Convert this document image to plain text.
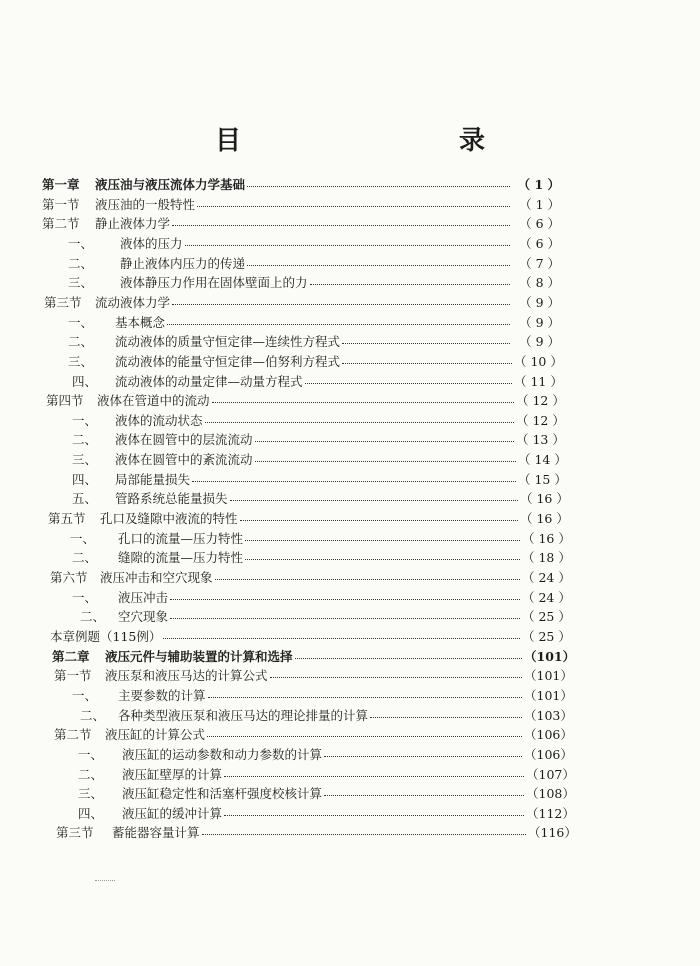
目　录
第一章	液压油与液压流体力学基础	（ 1 ）
第一节	液压油的一般特性	（ 1 ）
第二节	静止液体力学	（ 6 ）
一、	液体的压力	（ 6 ）
二、	静止液体内压力的传递	（ 7 ）
三、	液体静压力作用在固体壁面上的力	（ 8 ）
第三节	流动液体力学	（ 9 ）
一、	基本概念	（ 9 ）
二、	流动液体的质量守恒定律—连续性方程式	（ 9 ）
三、	流动液体的能量守恒定律—伯努利方程式	（ 10 ）
四、	流动液体的动量定律—动量方程式	（ 11 ）
第四节	液体在管道中的流动	（ 12 ）
一、	液体的流动状态	（ 12 ）
二、	液体在圆管中的层流流动	（ 13 ）
三、	液体在圆管中的紊流流动	（ 14 ）
四、	局部能量损失	（ 15 ）
五、	管路系统总能量损失	（ 16 ）
第五节	孔口及缝隙中液流的特性	（ 16 ）
一、	孔口的流量—压力特性	（ 16 ）
二、	缝隙的流量—压力特性	（ 18 ）
第六节 液压冲击和空穴现象	（ 24 ）
一、	液压冲击	（ 24 ）
二、	空穴现象	（ 25 ）
本章例题（115例）	（ 25 ）
第二章	液压元件与辅助装置的计算和选择	（101）
第一节	液压泵和液压马达的计算公式	（101）
一、	主要参数的计算	（101）
二、	各种类型液压泵和液压马达的理论排量的计算	（103）
第二节	液压缸的计算公式	（106）
一、	液压缸的运动参数和动力参数的计算	（106）
二、	液压缸壁厚的计算	（107）
三、	液压缸稳定性和活塞杆强度校核计算	（108）
四、	液压缸的缓冲计算	（112）
第三节	蓄能器容量计算	（116）
